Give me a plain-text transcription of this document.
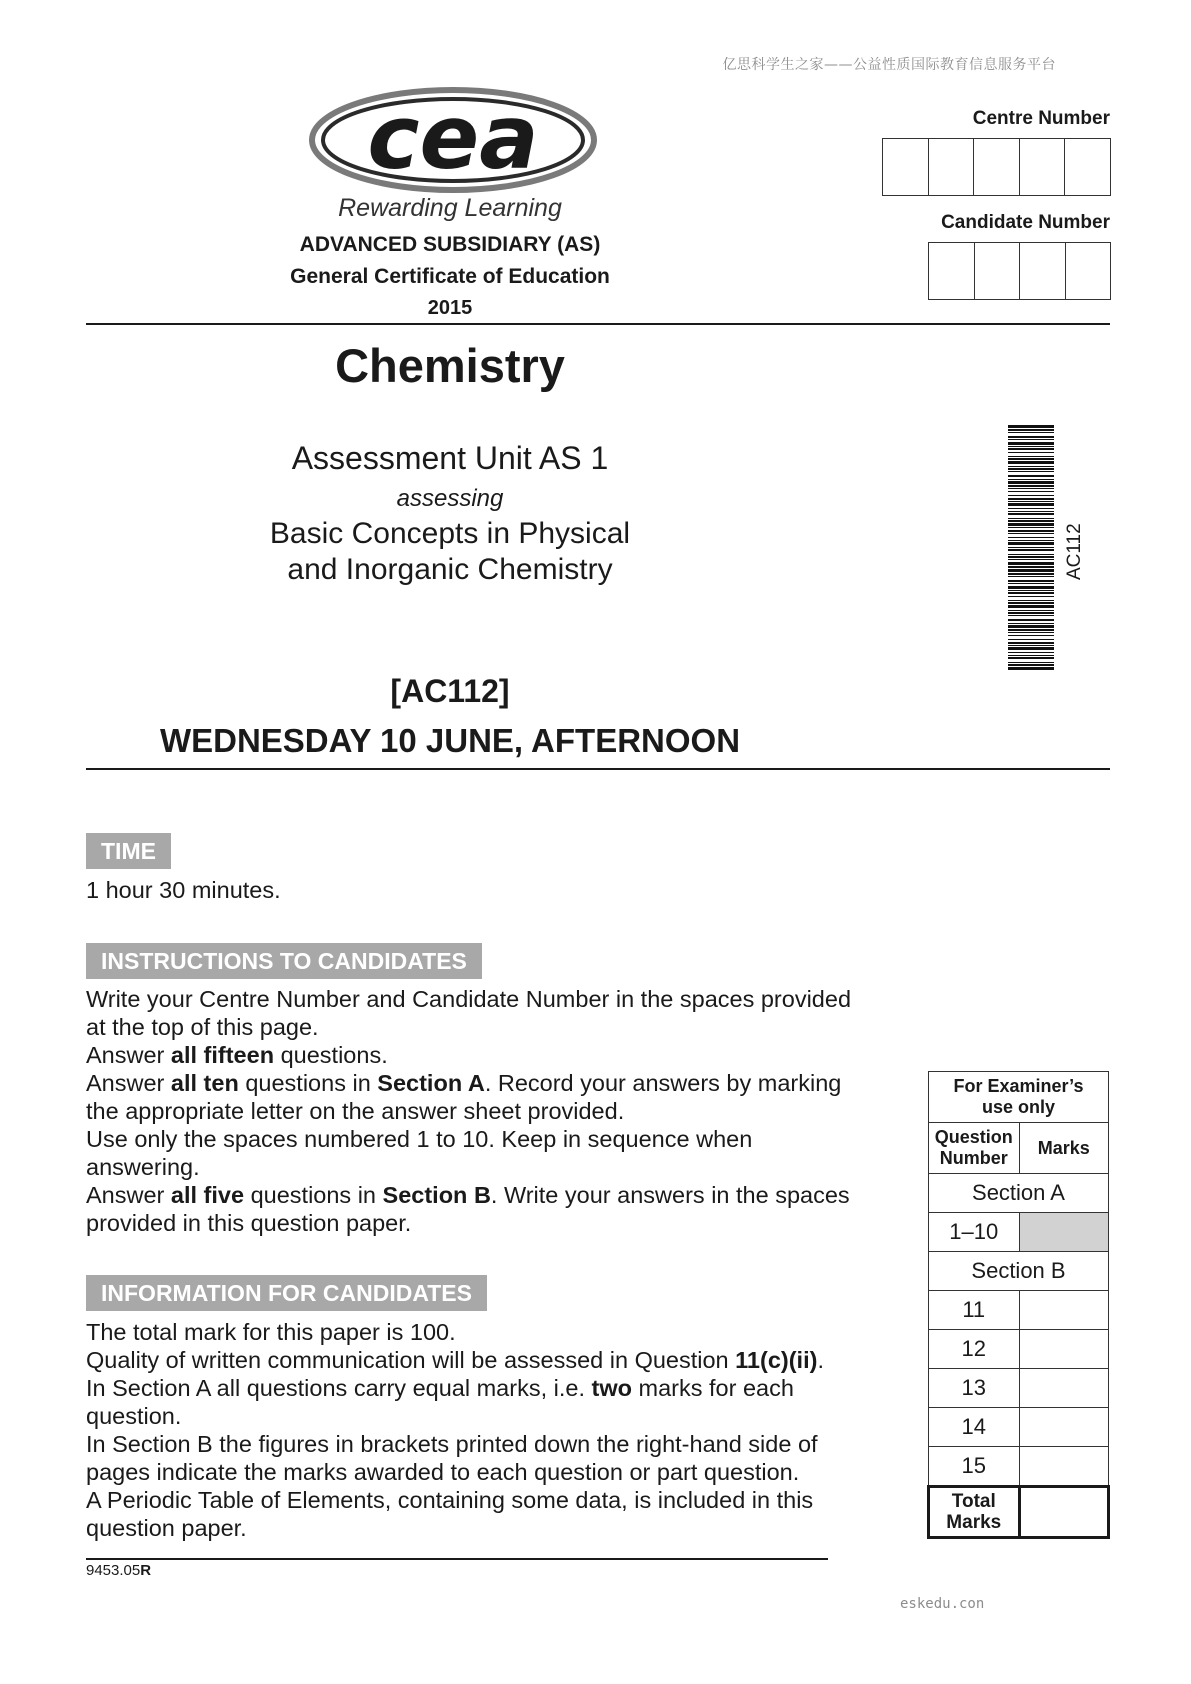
亿思科学生之家——公益性质国际教育信息服务平台
cea
Rewarding Learning
ADVANCED SUBSIDIARY (AS)
General Certificate of Education
2015
Centre Number
Candidate Number
Chemistry
Assessment Unit AS 1
assessing
Basic Concepts in Physical
and Inorganic Chemistry	AC112
[AC112]
WEDNESDAY 10 JUNE, AFTERNOON
TIME
1 hour 30 minutes.
INSTRUCTIONS TO CANDIDATES

Write your Centre Number and Candidate Number in the spaces provided at the top of this page.

Answer all fifteen questions.

Answer all ten questions in Section A. Record your answers by marking the appropriate letter on the answer sheet provided.

Use only the spaces numbered 1 to 10. Keep in sequence when answering.

Answer all five questions in Section B. Write your answers in the spaces provided in this question paper.

INFORMATION FOR CANDIDATES

The total mark for this paper is 100.

Quality of written communication will be assessed in Question 11(c)(ii).

In Section A all questions carry equal marks, i.e. two marks for each question.

In Section B the figures in brackets printed down the right-hand side of pages indicate the marks awarded to each question or part question.

A Periodic Table of Elements, containing some data, is included in this question paper.

9453.05R
For Examiner’s
use only	
Question
Number	Marks
Section A	
1–10	
Section B	
11	
12	
13	
14	
15	
Total
Marks	
eskedu.con
